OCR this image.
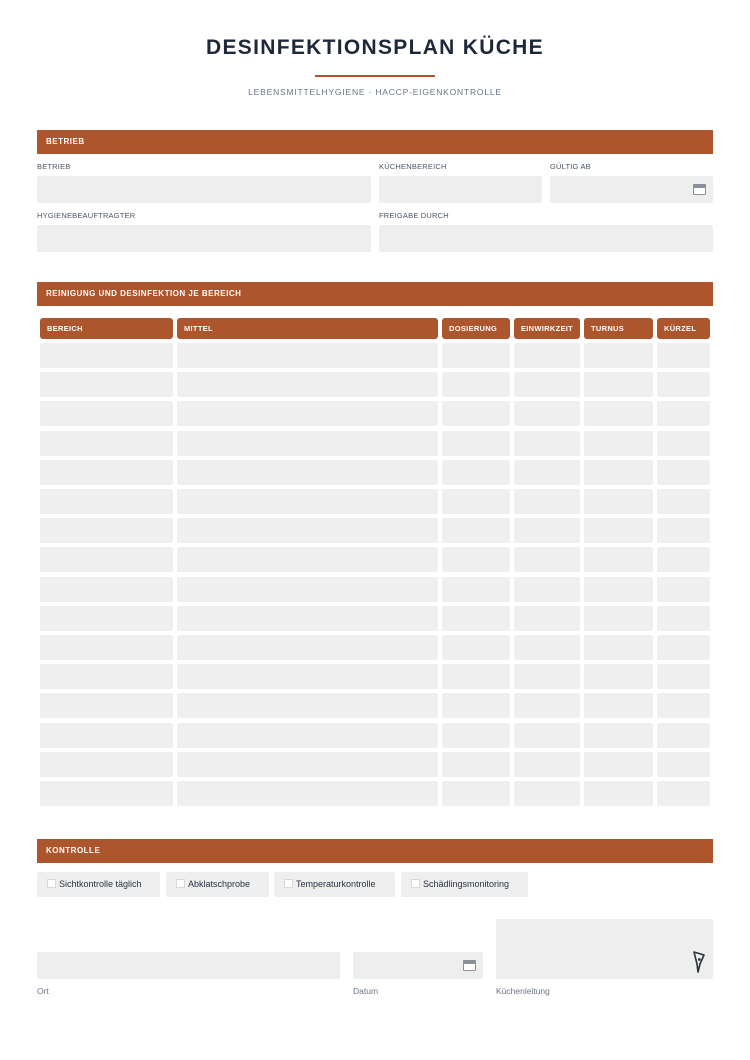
DESINFEKTIONSPLAN KÜCHE
LEBENSMITTELHYGIENE · HACCP-EIGENKONTROLLE
BETRIEB
BETRIEB	KÜCHENBEREICH	GÜLTIG AB
HYGIENEBEAUFTRAGTER	FREIGABE DURCH
REINIGUNG UND DESINFEKTION JE BEREICH
BEREICH	MITTEL	DOSIERUNG	EINWIRKZEIT	TURNUS	KÜRZEL
KONTROLLE
Sichtkontrolle täglich	Abklatschprobe	Temperaturkontrolle	Schädlingsmonitoring
Ort	Datum	Küchenleitung
